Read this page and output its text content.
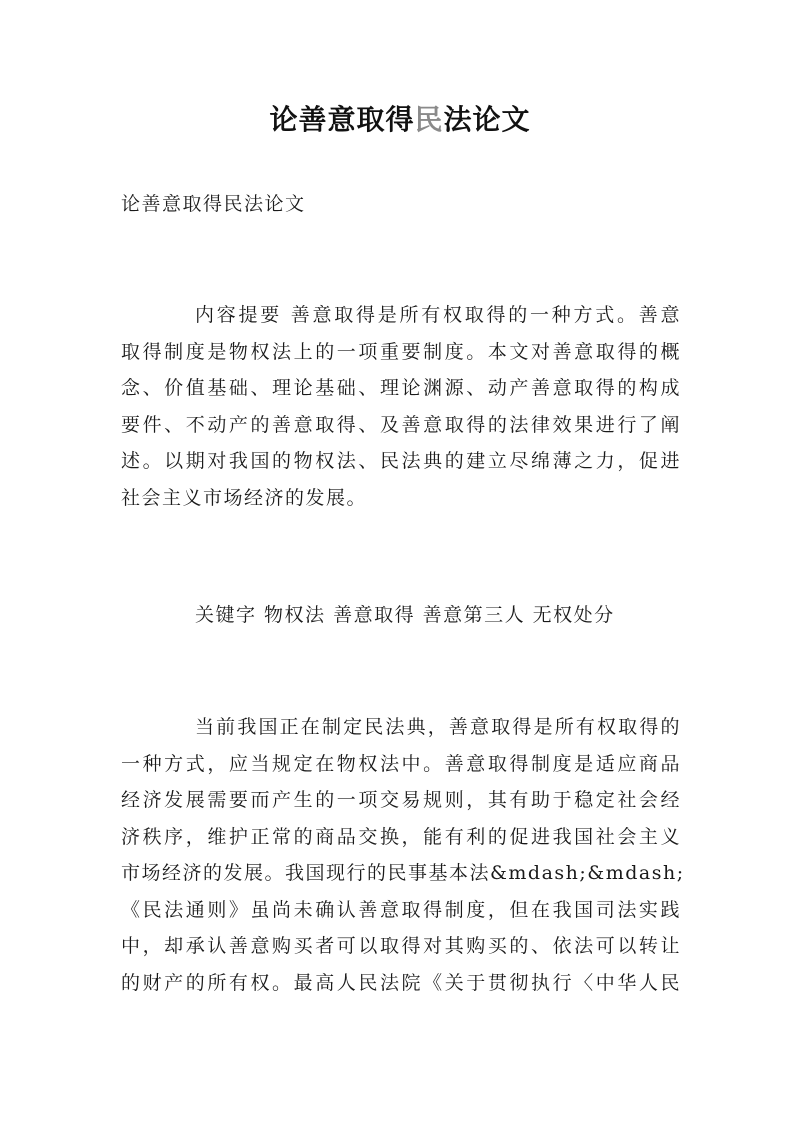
论善意取得民法论文
论善意取得民法论文
内容提要 善意取得是所有权取得的一种方式。善意
取得制度是物权法上的一项重要制度。本文对善意取得的概
念、价值基础、理论基础、理论渊源、动产善意取得的构成
要件、不动产的善意取得、及善意取得的法律效果进行了阐
述。以期对我国的物权法、民法典的建立尽绵薄之力，促进
社会主义市场经济的发展。
关键字 物权法 善意取得 善意第三人 无权处分
当前我国正在制定民法典，善意取得是所有权取得的
一种方式，应当规定在物权法中。善意取得制度是适应商品
经济发展需要而产生的一项交易规则，其有助于稳定社会经
济秩序，维护正常的商品交换，能有利的促进我国社会主义
市场经济的发展。我国现行的民事基本法&mdash;&mdash;
《民法通则》虽尚未确认善意取得制度，但在我国司法实践
中，却承认善意购买者可以取得对其购买的、依法可以转让
的财产的所有权。最高人民法院《关于贯彻执行〈中华人民
